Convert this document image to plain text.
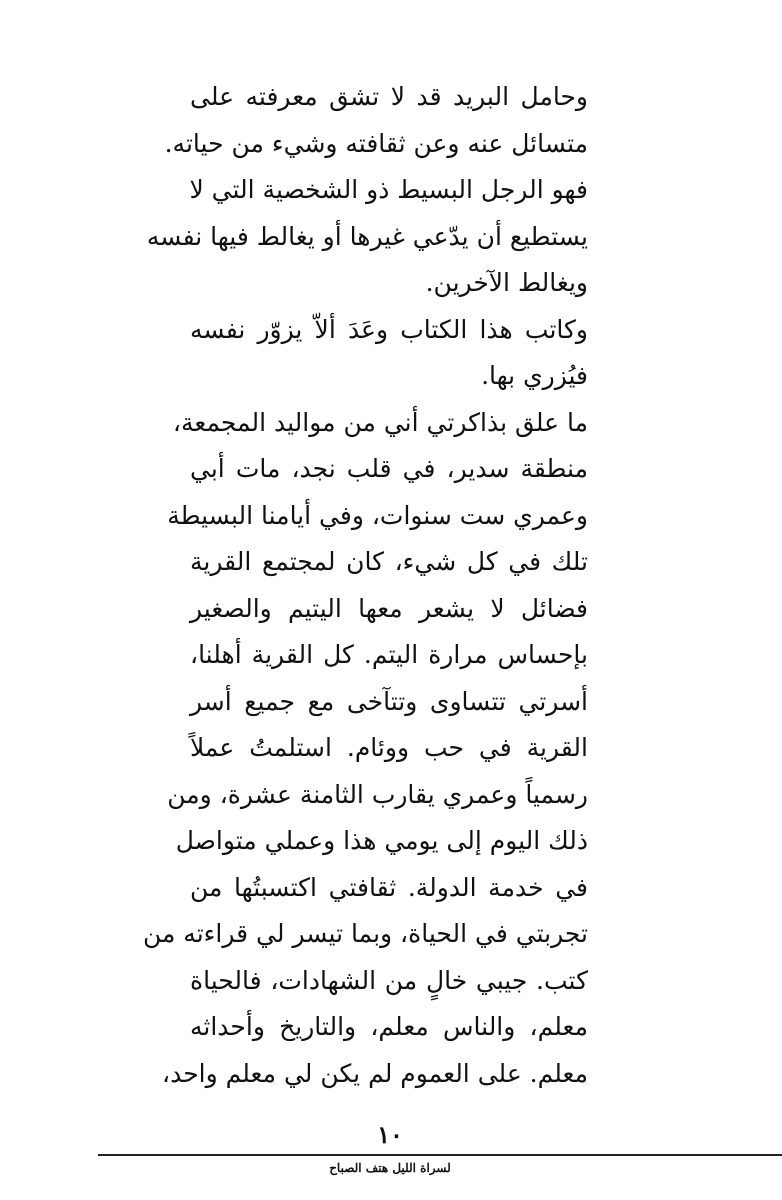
وحامل البريد قد لا تشق معرفته على
متسائل عنه وعن ثقافته وشيء من حياته.
فهو الرجل البسيط ذو الشخصية التي لا
يستطيع أن يدّعي غيرها أو يغالط فيها نفسه
ويغالط الآخرين.
وكاتب هذا الكتاب وعَدَ ألاّ يزوّر نفسه
فيُزري بها.
ما علق بذاكرتي أني من مواليد المجمعة،
منطقة سدير، في قلب نجد، مات أبي
وعمري ست سنوات، وفي أيامنا البسيطة
تلك في كل شيء، كان لمجتمع القرية
فضائل لا يشعر معها اليتيم والصغير
بإحساس مرارة اليتم. كل القرية أهلنا،
أسرتي تتساوى وتتآخى مع جميع أسر
القرية في حب ووئام. استلمتُ عملاً
رسمياً وعمري يقارب الثامنة عشرة، ومن
ذلك اليوم إلى يومي هذا وعملي متواصل
في خدمة الدولة. ثقافتي اكتسبتُها من
تجربتي في الحياة، وبما تيسر لي قراءته من
كتب. جيبي خالٍ من الشهادات، فالحياة
معلم، والناس معلم، والتاريخ وأحداثه
معلم. على العموم لم يكن لي معلم واحد،
١٠
لسراة الليل هتف الصباح
